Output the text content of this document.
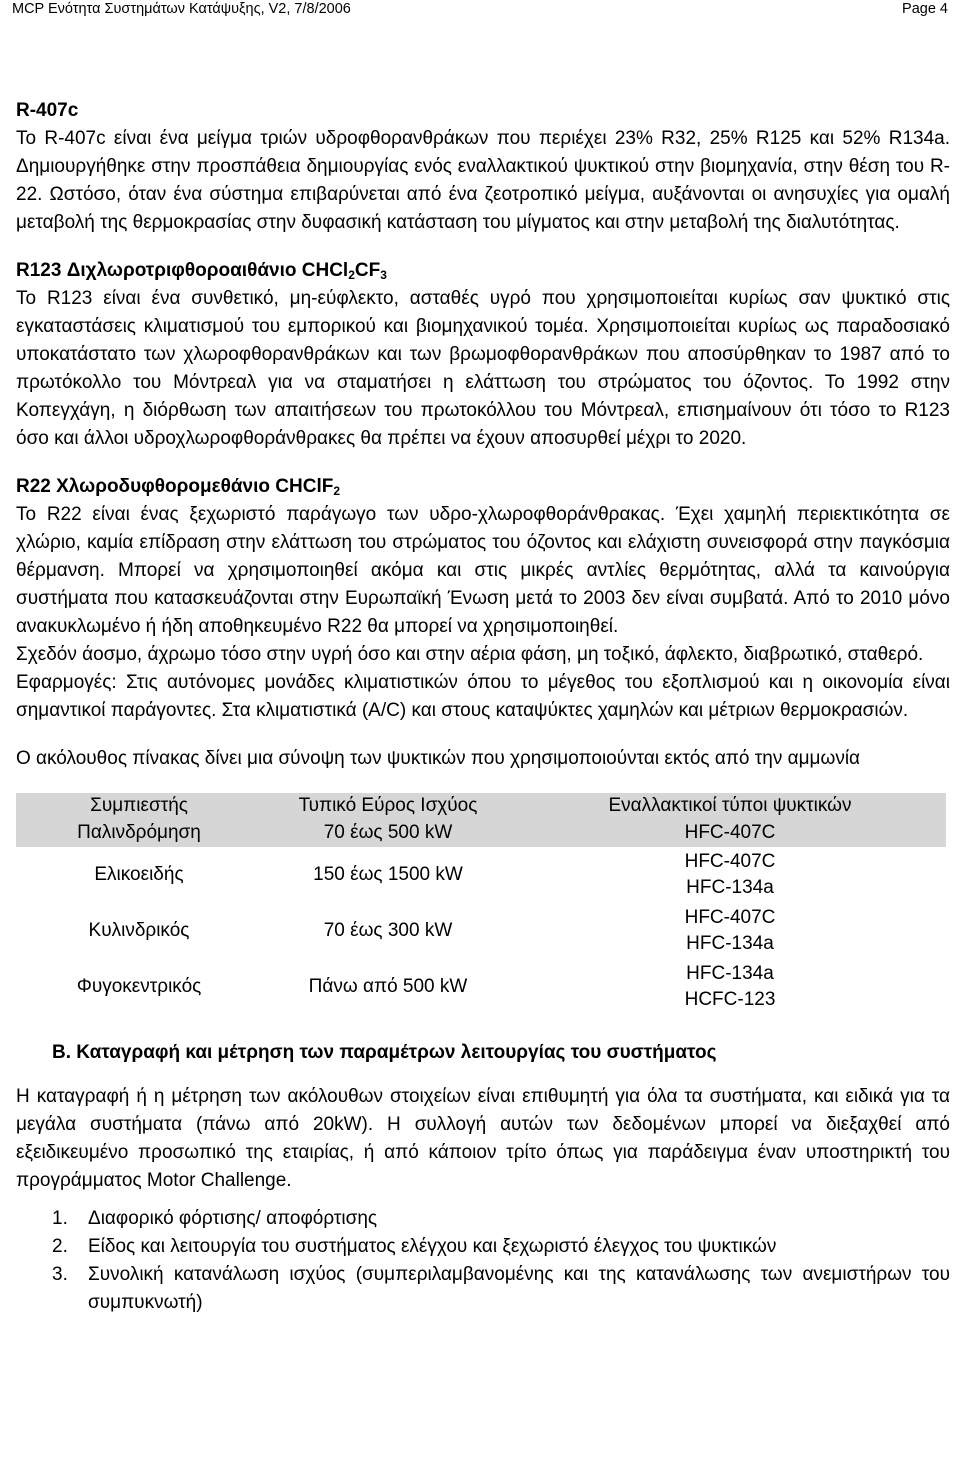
MCP Ενότητα Συστημάτων Κατάψυξης, V2, 7/8/2006	Page 4

R-407c

Το R-407c είναι ένα μείγμα τριών υδροφθορανθράκων που περιέχει 23% R32, 25% R125 και 52% R134a. Δημιουργήθηκε στην προσπάθεια δημιουργίας ενός εναλλακτικού ψυκτικού στην βιομηχανία, στην θέση του R-22. Ωστόσο, όταν ένα σύστημα επιβαρύνεται από ένα ζεοτροπικό μείγμα, αυξάνονται οι ανησυχίες για ομαλή μεταβολή της θερμοκρασίας στην δυφασική κατάσταση του μίγματος και στην μεταβολή της διαλυτότητας.

R123 Διχλωροτριφθοροαιθάνιο $CHCl_2CF_3$

Το R123 είναι ένα συνθετικό, μη-εύφλεκτο, ασταθές υγρό που χρησιμοποιείται κυρίως σαν ψυκτικό στις εγκαταστάσεις κλιματισμού του εμπορικού και βιομηχανικού τομέα. Χρησιμοποιείται κυρίως ως παραδοσιακό υποκατάστατο των χλωροφθορανθράκων και των βρωμοφθορανθράκων που αποσύρθηκαν το 1987 από το πρωτόκολλο του Μόντρεαλ για να σταματήσει η ελάττωση του στρώματος του όζοντος. Το 1992 στην Κοπεγχάγη, η διόρθωση των απαιτήσεων του πρωτοκόλλου του Μόντρεαλ, επισημαίνουν ότι τόσο το R123 όσο και άλλοι υδροχλωροφθοράνθρακες θα πρέπει να έχουν αποσυρθεί μέχρι το 2020.

R22 Χλωροδυφθορομεθάνιο CHClF$_2$

Το R22 είναι ένας ξεχωριστό παράγωγο των υδρο-χλωροφθοράνθρακας. Έχει χαμηλή περιεκτικότητα σε χλώριο, καμία επίδραση στην ελάττωση του στρώματος του όζοντος και ελάχιστη συνεισφορά στην παγκόσμια θέρμανση. Μπορεί να χρησιμοποιηθεί ακόμα και στις μικρές αντλίες θερμότητας, αλλά τα καινούργια συστήματα που κατασκευάζονται στην Ευρωπαϊκή Ένωση μετά το 2003 δεν είναι συμβατά. Από το 2010 μόνο ανακυκλωμένο ή ήδη αποθηκευμένο R22 θα μπορεί να χρησιμοποιηθεί.

Σχεδόν άοσμο, άχρωμο τόσο στην υγρή όσο και στην αέρια φάση, μη τοξικό, άφλεκτο, διαβρωτικό, σταθερό.

Εφαρμογές: Στις αυτόνομες μονάδες κλιματιστικών όπου το μέγεθος του εξοπλισμού και η οικονομία είναι σημαντικοί παράγοντες. Στα κλιματιστικά (A/C) και στους καταψύκτες χαμηλών και μέτριων θερμοκρασιών.

Ο ακόλουθος πίνακας δίνει μια σύνοψη των ψυκτικών που χρησιμοποιούνται εκτός από την αμμωνία

Συμπιεστής	Τυπικό Εύρος Ισχύος	Εναλλακτικοί τύποι ψυκτικών
Παλινδρόμηση	70 έως 500 kW	HFC-407C

Ελικοειδής	150 έως 1500 kW	HFC-407C
HFC-134a

Κυλινδρικός	70 έως 300 kW	HFC-407C
HFC-134a

Φυγοκεντρικός	Πάνω από 500 kW	HFC-134a
HCFC-123

B. Καταγραφή και μέτρηση των παραμέτρων λειτουργίας του συστήματος

Η καταγραφή ή η μέτρηση των ακόλουθων στοιχείων είναι επιθυμητή για όλα τα συστήματα, και ειδικά για τα μεγάλα συστήματα (πάνω από 20kW). Η συλλογή αυτών των δεδομένων μπορεί να διεξαχθεί από εξειδικευμένο προσωπικό της εταιρίας, ή από κάποιον τρίτο όπως για παράδειγμα έναν υποστηρικτή του προγράμματος Motor Challenge.

1. Διαφορικό φόρτισης/ αποφόρτισης
2. Είδος και λειτουργία του συστήματος ελέγχου και ξεχωριστό έλεγχος του ψυκτικών
3. Συνολική κατανάλωση ισχύος (συμπεριλαμβανομένης και της κατανάλωσης των ανεμιστήρων του συμπυκνωτή)
